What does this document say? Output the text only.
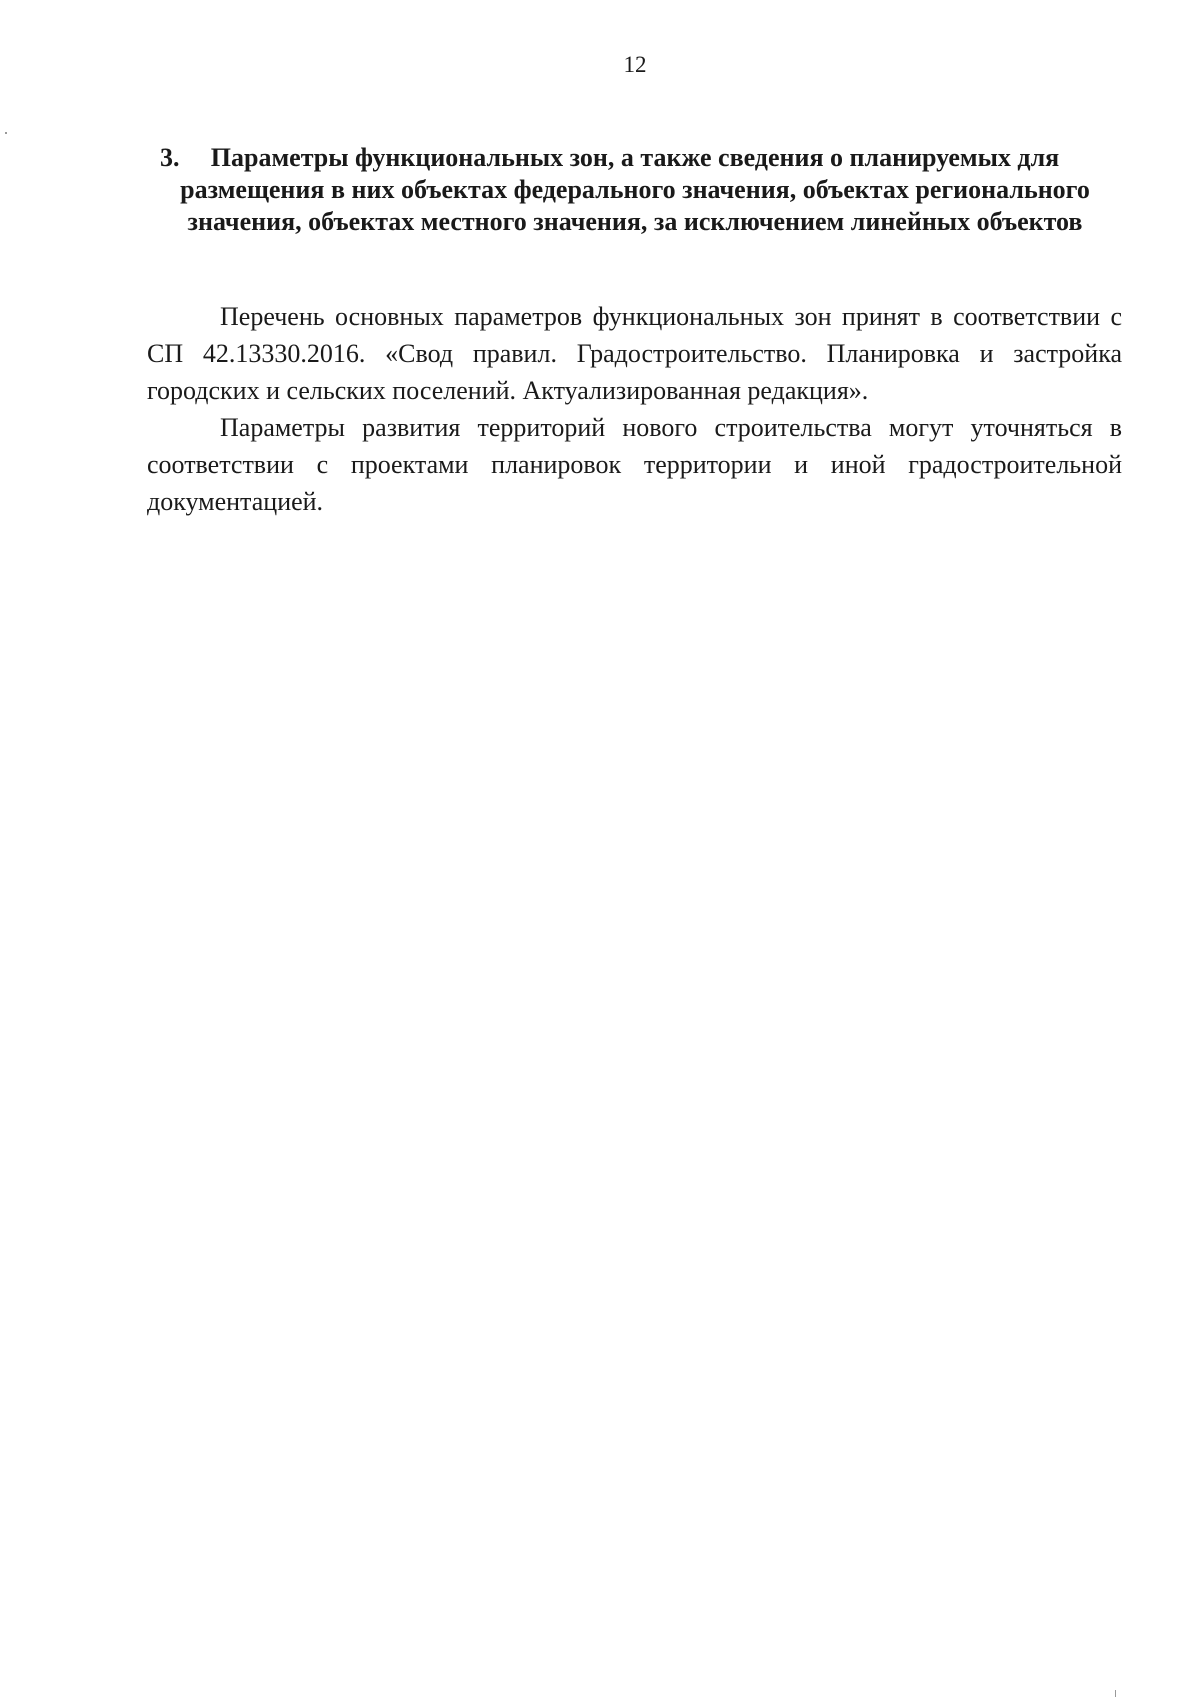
12
3.	Параметры функциональных зон, а также сведения о планируемых для размещения в них объектах федерального значения, объектах регионального значения, объектах местного значения, за исключением линейных объектов

Перечень основных параметров функциональных зон принят в соответствии с СП 42.13330.2016. «Свод правил. Градостроительство. Планировка и застройка городских и сельских поселений. Актуализированная редакция».

Параметры развития территорий нового строительства могут уточняться в соответствии с проектами планировок территории и иной градостроительной документацией.
